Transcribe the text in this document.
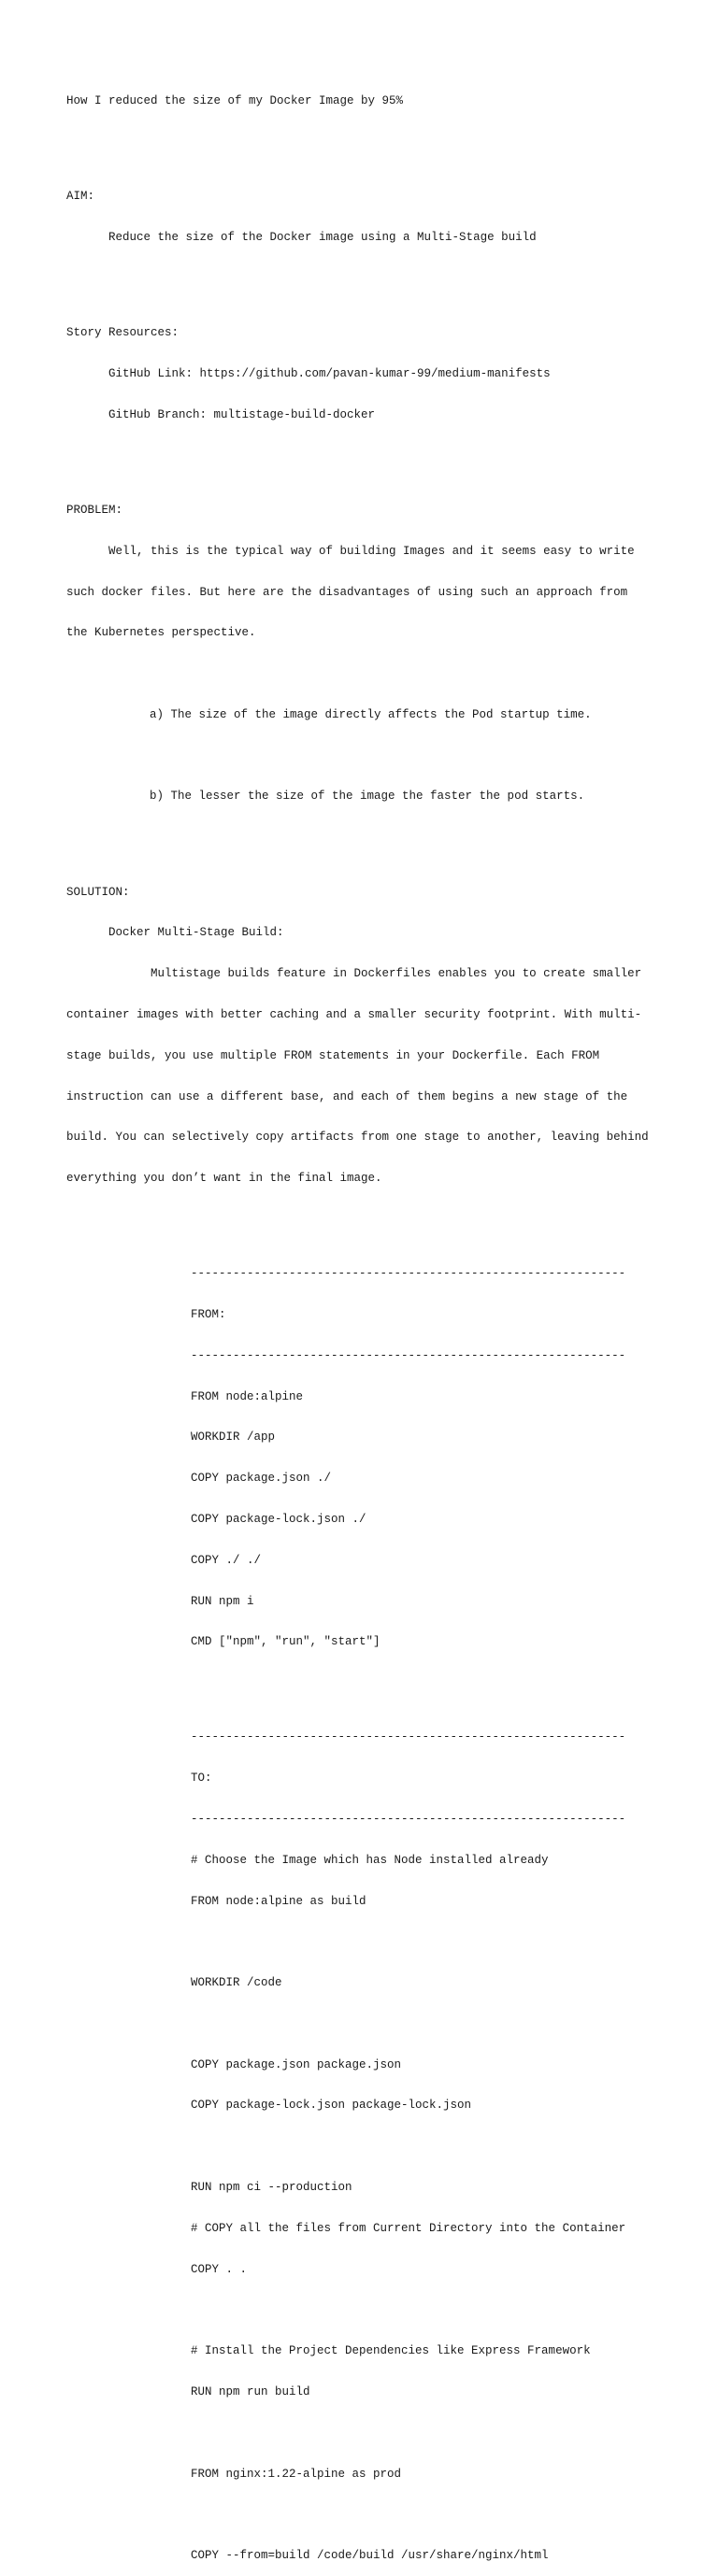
How I reduced the size of my Docker Image by 95%

AIM:

Reduce the size of the Docker image using a Multi-Stage build

Story Resources:

GitHub Link: https://github.com/pavan-kumar-99/medium-manifests

GitHub Branch: multistage-build-docker

PROBLEM:

Well, this is the typical way of building Images and it seems easy to write

such docker files. But here are the disadvantages of using such an approach from

the Kubernetes perspective.

a) The size of the image directly affects the Pod startup time.

b) The lesser the size of the image the faster the pod starts.

SOLUTION:

Docker Multi-Stage Build:

Multistage builds feature in Dockerfiles enables you to create smaller

container images with better caching and a smaller security footprint. With multi-

stage builds, you use multiple FROM statements in your Dockerfile. Each FROM

instruction can use a different base, and each of them begins a new stage of the

build. You can selectively copy artifacts from one stage to another, leaving behind

everything you don’t want in the final image.

--------------------------------------------------------------

FROM:

--------------------------------------------------------------

FROM node:alpine

WORKDIR /app

COPY package.json ./

COPY package-lock.json ./

COPY ./ ./

RUN npm i

CMD ["npm", "run", "start"]

--------------------------------------------------------------

TO:

--------------------------------------------------------------

# Choose the Image which has Node installed already

FROM node:alpine as build

WORKDIR /code

COPY package.json package.json

COPY package-lock.json package-lock.json

RUN npm ci --production

# COPY all the files from Current Directory into the Container

COPY . .

# Install the Project Dependencies like Express Framework

RUN npm run build

FROM nginx:1.22-alpine as prod

COPY --from=build /code/build /usr/share/nginx/html
